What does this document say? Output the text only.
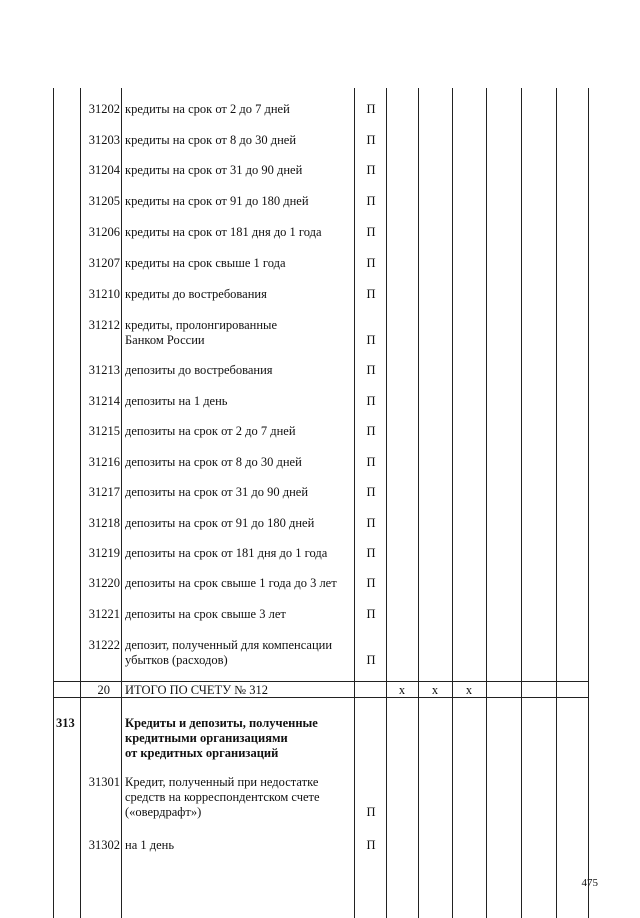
31202 кредиты на срок от 2 до 7 дней	П
31203 кредиты на срок от 8 до 30 дней	П
31204 кредиты на срок от 31 до 90 дней	П
31205 кредиты на срок от 91 до 180 дней	П
31206 кредиты на срок от 181 дня до 1 года	П
31207 кредиты на срок свыше 1 года	П
31210 кредиты до востребования	П
31212 кредиты, пролонгированные
Банком России	П
31213 депозиты до востребования	П
31214 депозиты на 1 день	П
31215 депозиты на срок от 2 до 7 дней	П
31216 депозиты на срок от 8 до 30 дней	П
31217 депозиты на срок от 31 до 90 дней	П
31218 депозиты на срок от 91 до 180 дней	П
31219 депозиты на срок от 181 дня до 1 года	П
31220 депозиты на срок свыше 1 года до 3 лет	П
31221 депозиты на срок свыше 3 лет	П
31222 депозит, полученный для компенсации
убытков (расходов)	П
20 ИТОГО ПО СЧЕТУ № 312	х	х	х
313	Кредиты и депозиты, полученные
кредитными организациями
от кредитных организаций
31301 Кредит, полученный при недостатке
средств на корреспондентском счете
(«овердрафт»)	П
31302 на 1 день	П
475
